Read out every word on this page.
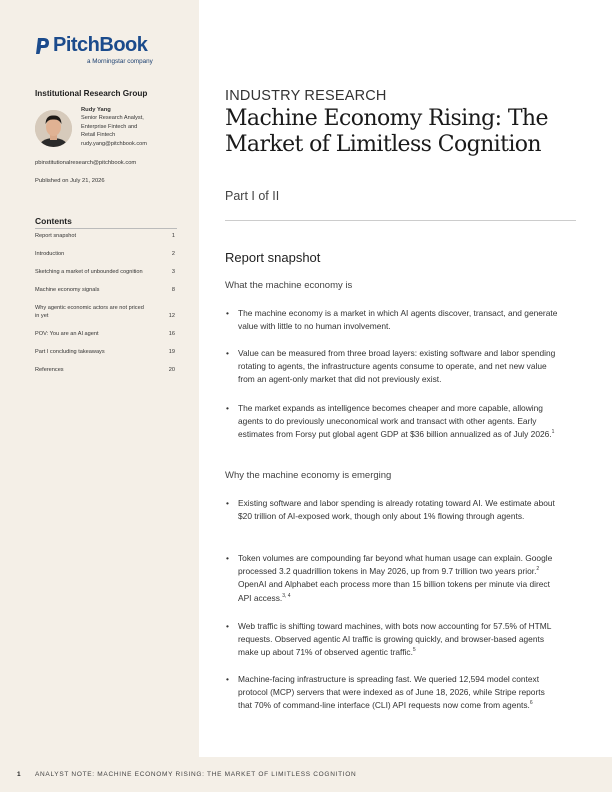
PitchBook
a Morningstar company
Institutional Research Group
Rudy Yang
Senior Research Analyst,
Enterprise Fintech and
Retail Fintech
rudy.yang@pitchbook.com
pbinstitutionalresearch@pitchbook.com
Published on July 21, 2026
Contents
Report snapshot	1
Introduction	2
Sketching a market of unbounded cognition	3
Machine economy signals	8
Why agentic economic actors are not priced in yet	12
POV: You are an AI agent	16
Part I concluding takeaways	19
References	20
INDUSTRY RESEARCH
Machine Economy Rising: The Market of Limitless Cognition
Part I of II
Report snapshot
What the machine economy is
• The machine economy is a market in which AI agents discover, transact, and generate value with little to no human involvement.
• Value can be measured from three broad layers: existing software and labor spending rotating to agents, the infrastructure agents consume to operate, and net new value from an agent-only market that did not previously exist.
• The market expands as intelligence becomes cheaper and more capable, allowing agents to do previously uneconomical work and transact with other agents. Early estimates from Forsy put global agent GDP at $36 billion annualized as of July 2026.$^1$
Why the machine economy is emerging
• Existing software and labor spending is already rotating toward AI. We estimate about $20 trillion of AI-exposed work, though only about 1% flowing through agents.
• Token volumes are compounding far beyond what human usage can explain. Google processed 3.2 quadrillion tokens in May 2026, up from 9.7 trillion two years prior.$^2$ OpenAI and Alphabet each process more than 15 billion tokens per minute via direct API access.$^{3, 4}$
• Web traffic is shifting toward machines, with bots now accounting for 57.5% of HTML requests. Observed agentic AI traffic is growing quickly, and browser-based agents make up about 71% of observed agentic traffic.$^5$
• Machine-facing infrastructure is spreading fast. We queried 12,594 model context protocol (MCP) servers that were indexed as of June 18, 2026, while Stripe reports that 70% of command-line interface (CLI) API requests now come from agents.$^6$
1 ANALYST NOTE: MACHINE ECONOMY RISING: THE MARKET OF LIMITLESS COGNITION
